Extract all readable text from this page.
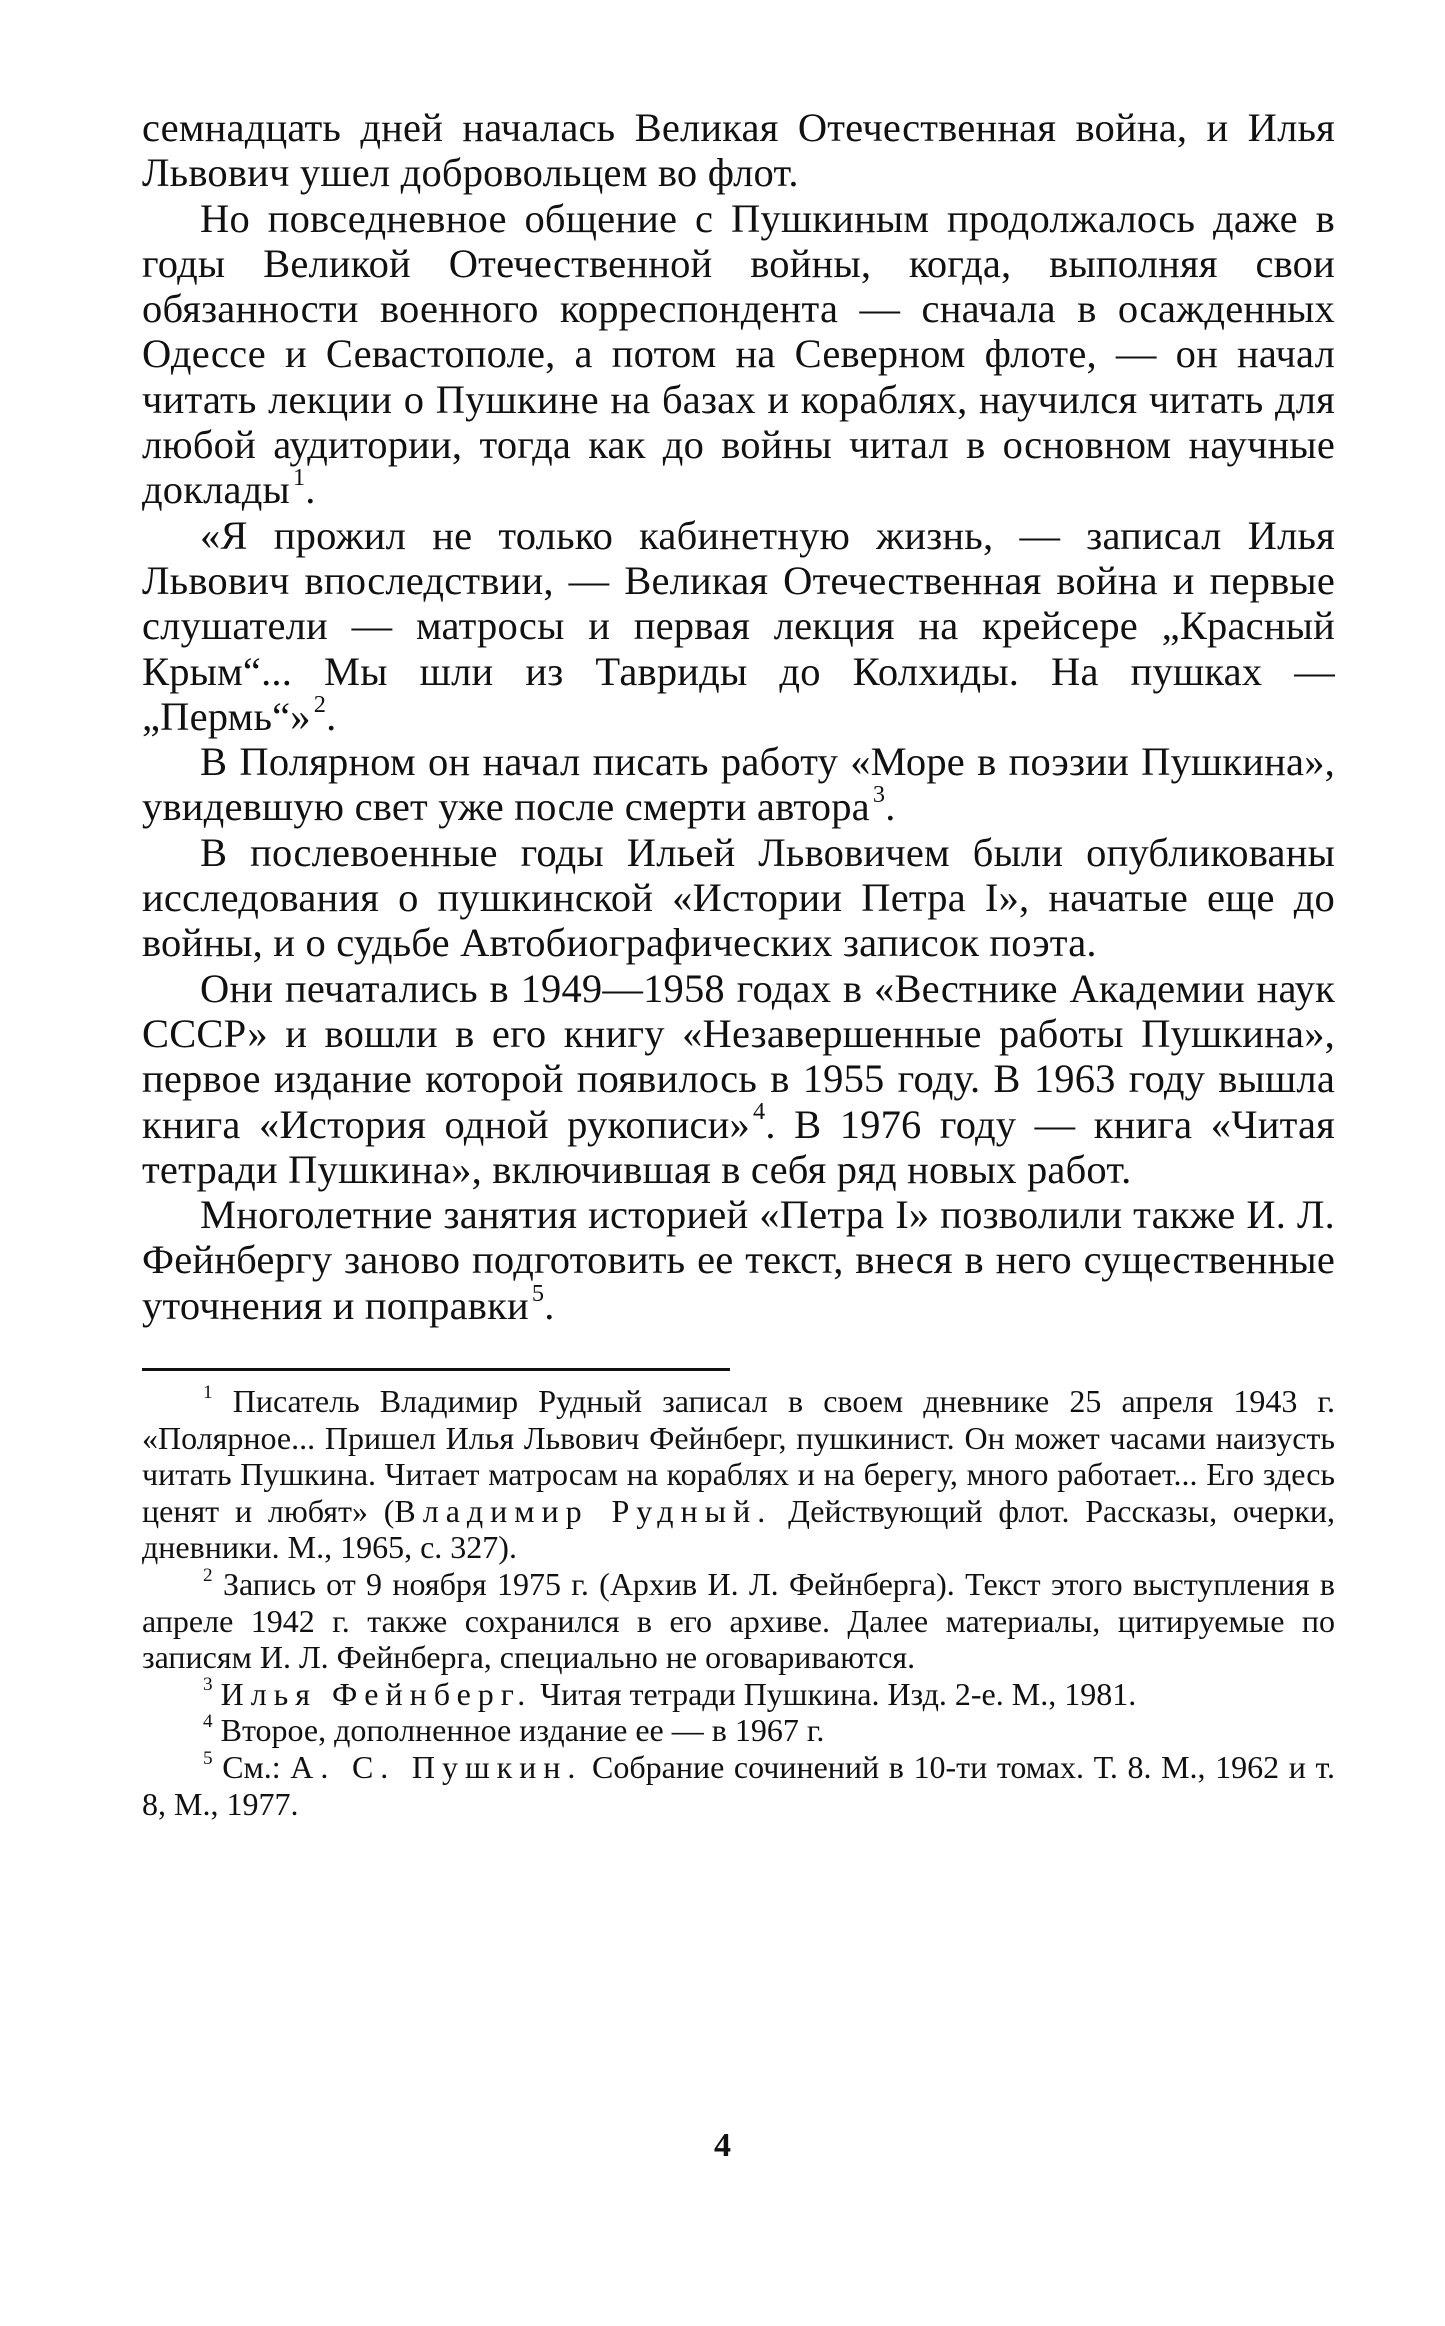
семнадцать дней началась Великая Отечественная война, и Илья Львович ушел добровольцем во флот.

Но повседневное общение с Пушкиным продолжалось даже в годы Великой Отечественной войны, когда, выполняя свои обязанности военного корреспондента — сначала в осажденных Одессе и Севастополе, а потом на Северном флоте, — он начал читать лекции о Пушкине на базах и кораблях, научился читать для любой аудитории, тогда как до войны читал в основном научные доклады $^1$.

«Я прожил не только кабинетную жизнь, — записал Илья Львович впоследствии, — Великая Отечественная война и первые слушатели — матросы и первая лекция на крейсере „Красный Крым“... Мы шли из Тавриды до Колхиды. На пушках — „Пермь“» $^2$.

В Полярном он начал писать работу «Море в поэзии Пушкина», увидевшую свет уже после смерти автора $^3$.

В послевоенные годы Ильей Львовичем были опубликованы исследования о пушкинской «Истории Петра I», начатые еще до войны, и о судьбе Автобиографических записок поэта.

Они печатались в 1949—1958 годах в «Вестнике Академии наук СССР» и вошли в его книгу «Незавершенные работы Пушкина», первое издание которой появилось в 1955 году. В 1963 году вышла книга «История одной рукописи» $^4$. В 1976 году — книга «Читая тетради Пушкина», включившая в себя ряд новых работ.

Многолетние занятия историей «Петра I» позволили также И. Л. Фейнбергу заново подготовить ее текст, внеся в него существенные уточнения и поправки $^5$.

$^1$ Писатель Владимир Рудный записал в своем дневнике 25 апреля 1943 г. «Полярное... Пришел Илья Львович Фейнберг, пушкинист. Он может часами наизусть читать Пушкина. Читает матросам на кораблях и на берегу, много работает... Его здесь ценят и любят» (Владимир Рудный. Действующий флот. Рассказы, очерки, дневники. М., 1965, с. 327).

$^2$ Запись от 9 ноября 1975 г. (Архив И. Л. Фейнберга). Текст этого выступления в апреле 1942 г. также сохранился в его архиве. Далее материалы, цитируемые по записям И. Л. Фейнберга, специально не оговариваются.

$^3$ Илья Фейнберг. Читая тетради Пушкина. Изд. 2-е. М., 1981.

$^4$ Второе, дополненное издание ее — в 1967 г.

$^5$ См.: А. С. Пушкин. Собрание сочинений в 10-ти томах. Т. 8. М., 1962 и т. 8, М., 1977.

4
